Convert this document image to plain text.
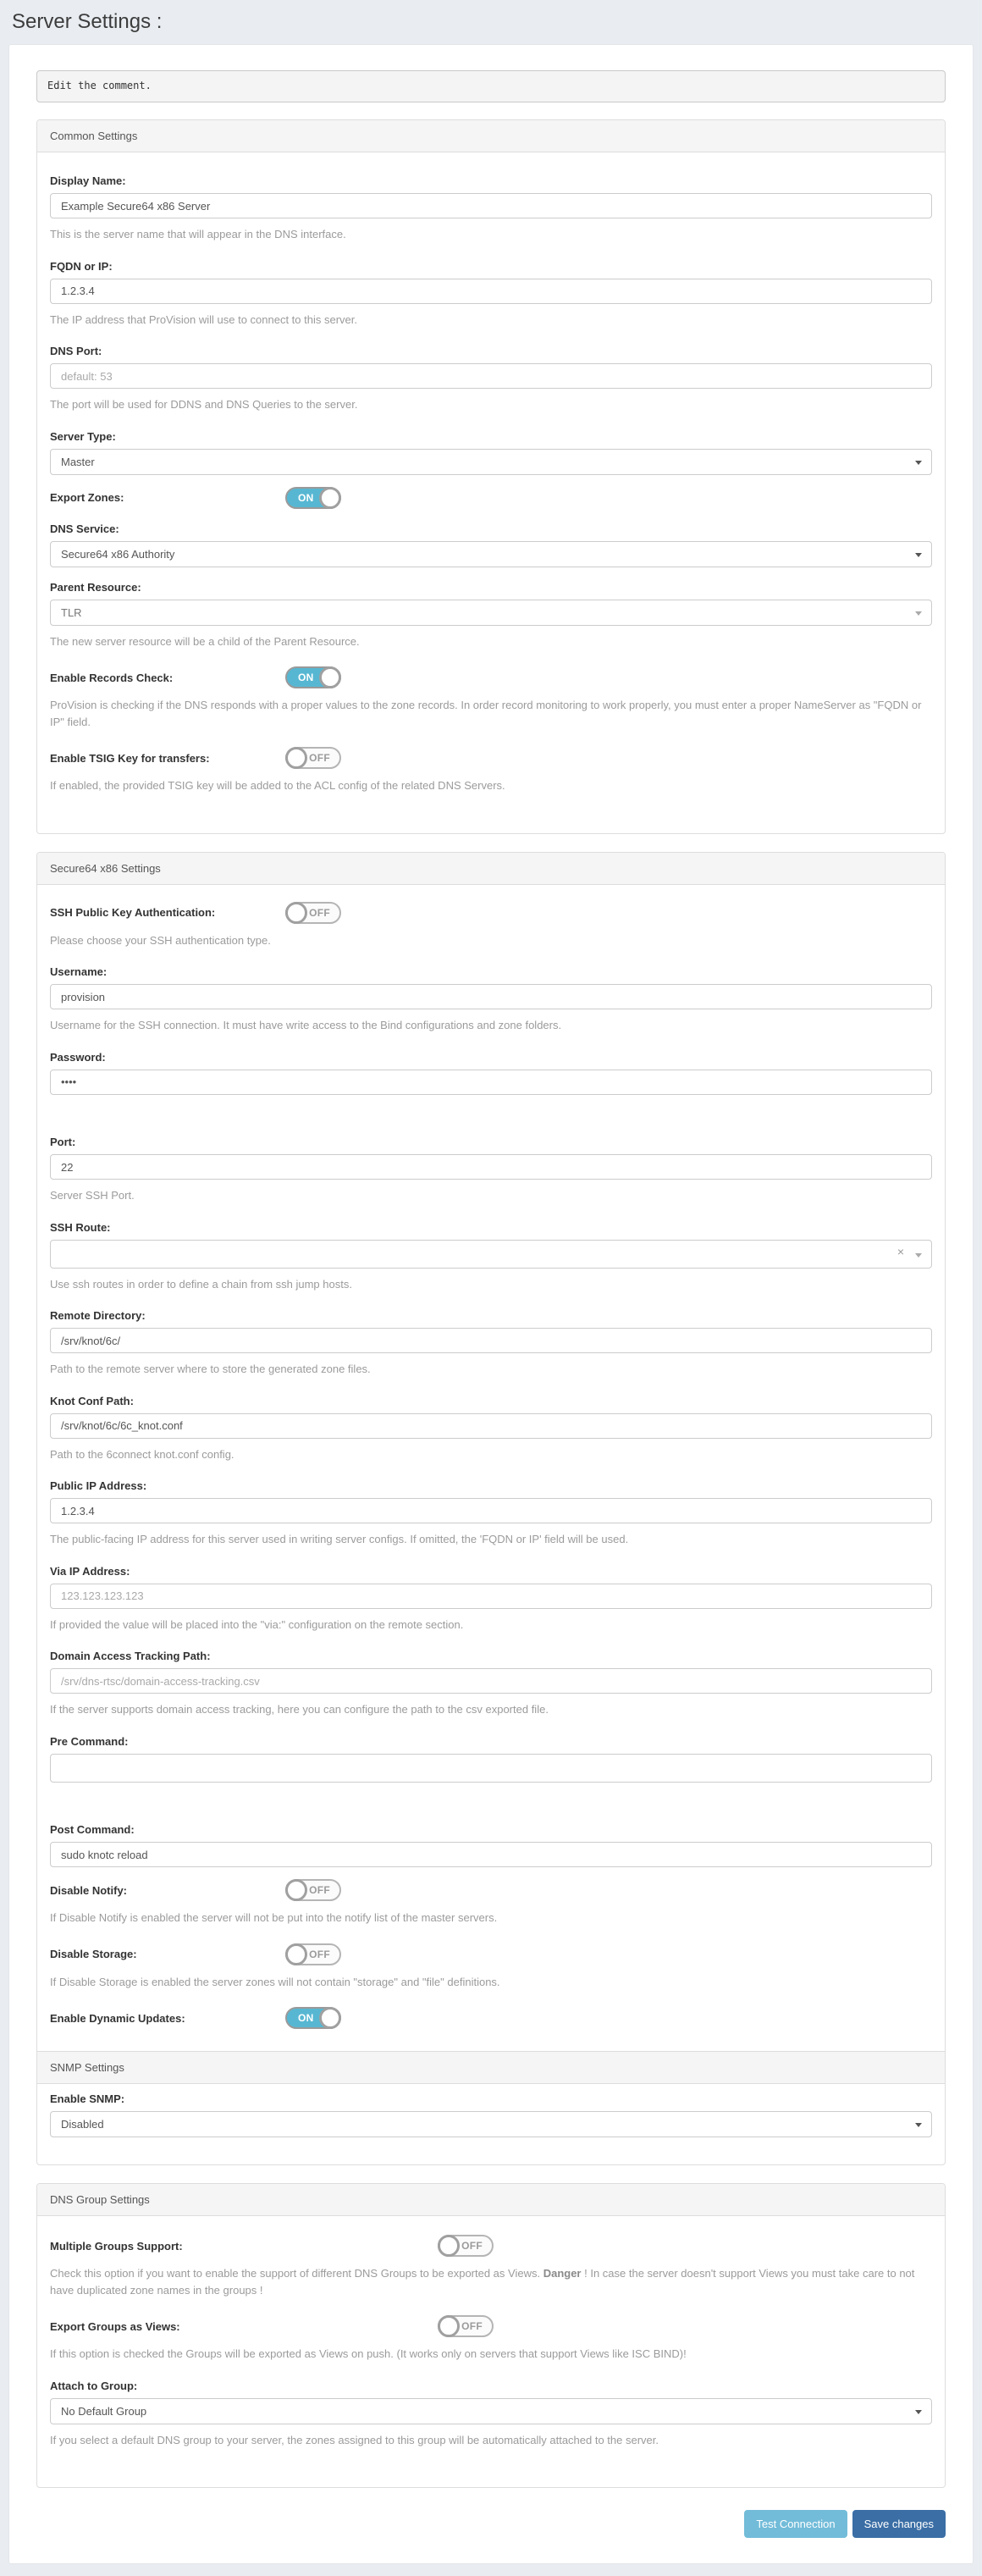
Server Settings :
Edit the comment.
Common Settings
Display Name:
Example Secure64 x86 Server
This is the server name that will appear in the DNS interface.
FQDN or IP:
1.2.3.4
The IP address that ProVision will use to connect to this server.
DNS Port:
default: 53
The port will be used for DDNS and DNS Queries to the server.
Server Type:
Master
Export Zones:	ON
DNS Service:
Secure64 x86 Authority
Parent Resource:
TLR
The new server resource will be a child of the Parent Resource.
Enable Records Check:	ON
ProVision is checking if the DNS responds with a proper values to the zone records. In order record monitoring to work properly, you must enter a proper NameServer as "FQDN or IP" field.
Enable TSIG Key for transfers:	OFF
If enabled, the provided TSIG key will be added to the ACL config of the related DNS Servers.
Secure64 x86 Settings
SSH Public Key Authentication:	OFF
Please choose your SSH authentication type.
Username:
provision
Username for the SSH connection. It must have write access to the Bind configurations and zone folders.
Password:
••••
Port:
22
Server SSH Port.
SSH Route:
×
Use ssh routes in order to define a chain from ssh jump hosts.
Remote Directory:
/srv/knot/6c/
Path to the remote server where to store the generated zone files.
Knot Conf Path:
/srv/knot/6c/6c_knot.conf
Path to the 6connect knot.conf config.
Public IP Address:
1.2.3.4
The public-facing IP address for this server used in writing server configs. If omitted, the 'FQDN or IP' field will be used.
Via IP Address:
123.123.123.123
If provided the value will be placed into the "via:" configuration on the remote section.
Domain Access Tracking Path:
/srv/dns-rtsc/domain-access-tracking.csv
If the server supports domain access tracking, here you can configure the path to the csv exported file.
Pre Command:
Post Command:
sudo knotc reload
Disable Notify:	OFF
If Disable Notify is enabled the server will not be put into the notify list of the master servers.
Disable Storage:	OFF
If Disable Storage is enabled the server zones will not contain "storage" and "file" definitions.
Enable Dynamic Updates:	ON
SNMP Settings
Enable SNMP:
Disabled
DNS Group Settings
Multiple Groups Support:	OFF
Check this option if you want to enable the support of different DNS Groups to be exported as Views. Danger ! In case the server doesn't support Views you must take care to not have duplicated zone names in the groups !
Export Groups as Views:	OFF
If this option is checked the Groups will be exported as Views on push. (It works only on servers that support Views like ISC BIND)!
Attach to Group:
No Default Group
If you select a default DNS group to your server, the zones assigned to this group will be automatically attached to the server.
Test Connection	Save changes
